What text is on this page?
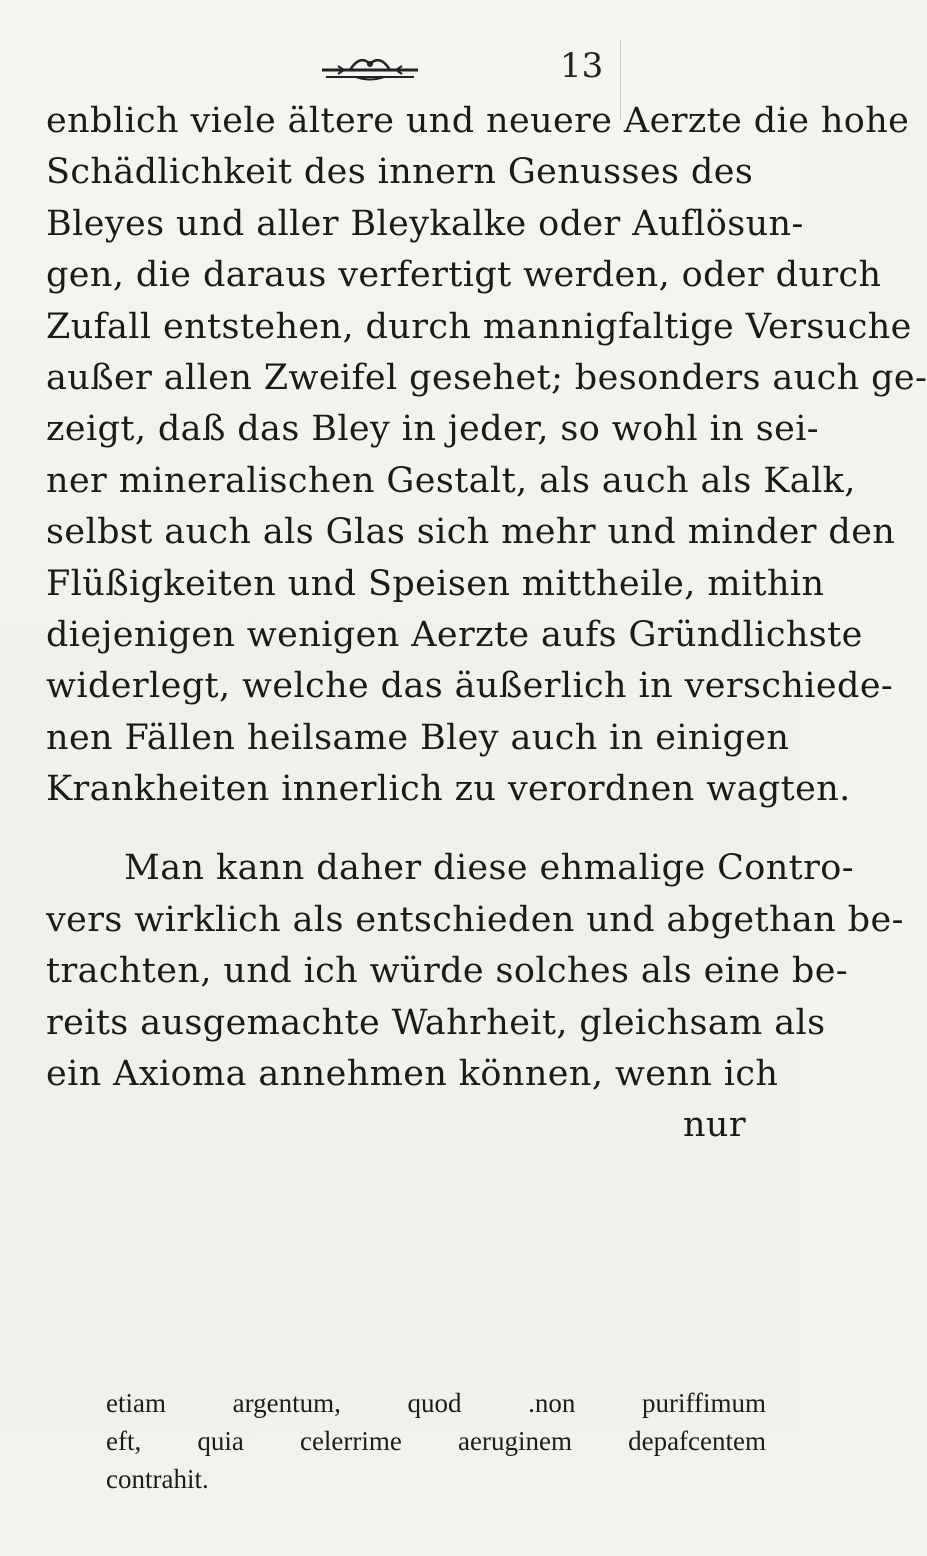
13
enblich viele ältere und neuere Aerzte die hohe
Schädlichkeit des innern Genusses des
Bleyes und aller Bleykalke oder Auflösun-
gen, die daraus verfertigt werden, oder durch
Zufall entstehen, durch mannigfaltige Versuche
außer allen Zweifel gesehet; besonders auch ge-
zeigt, daß das Bley in jeder, so wohl in sei-
ner mineralischen Gestalt, als auch als Kalk,
selbst auch als Glas sich mehr und minder den
Flüßigkeiten und Speisen mittheile, mithin
diejenigen wenigen Aerzte aufs Gründlichste
widerlegt, welche das äußerlich in verschiede-
nen Fällen heilsame Bley auch in einigen
Krankheiten innerlich zu verordnen wagten.
Man kann daher diese ehmalige Contro-
vers wirklich als entschieden und abgethan be-
trachten, und ich würde solches als eine be-
reits ausgemachte Wahrheit, gleichsam als
ein Axioma annehmen können, wenn ich
nur
etiam argentum, quod .non puriffimum
eft, quia celerrime aeruginem depafcentem
contrahit.
